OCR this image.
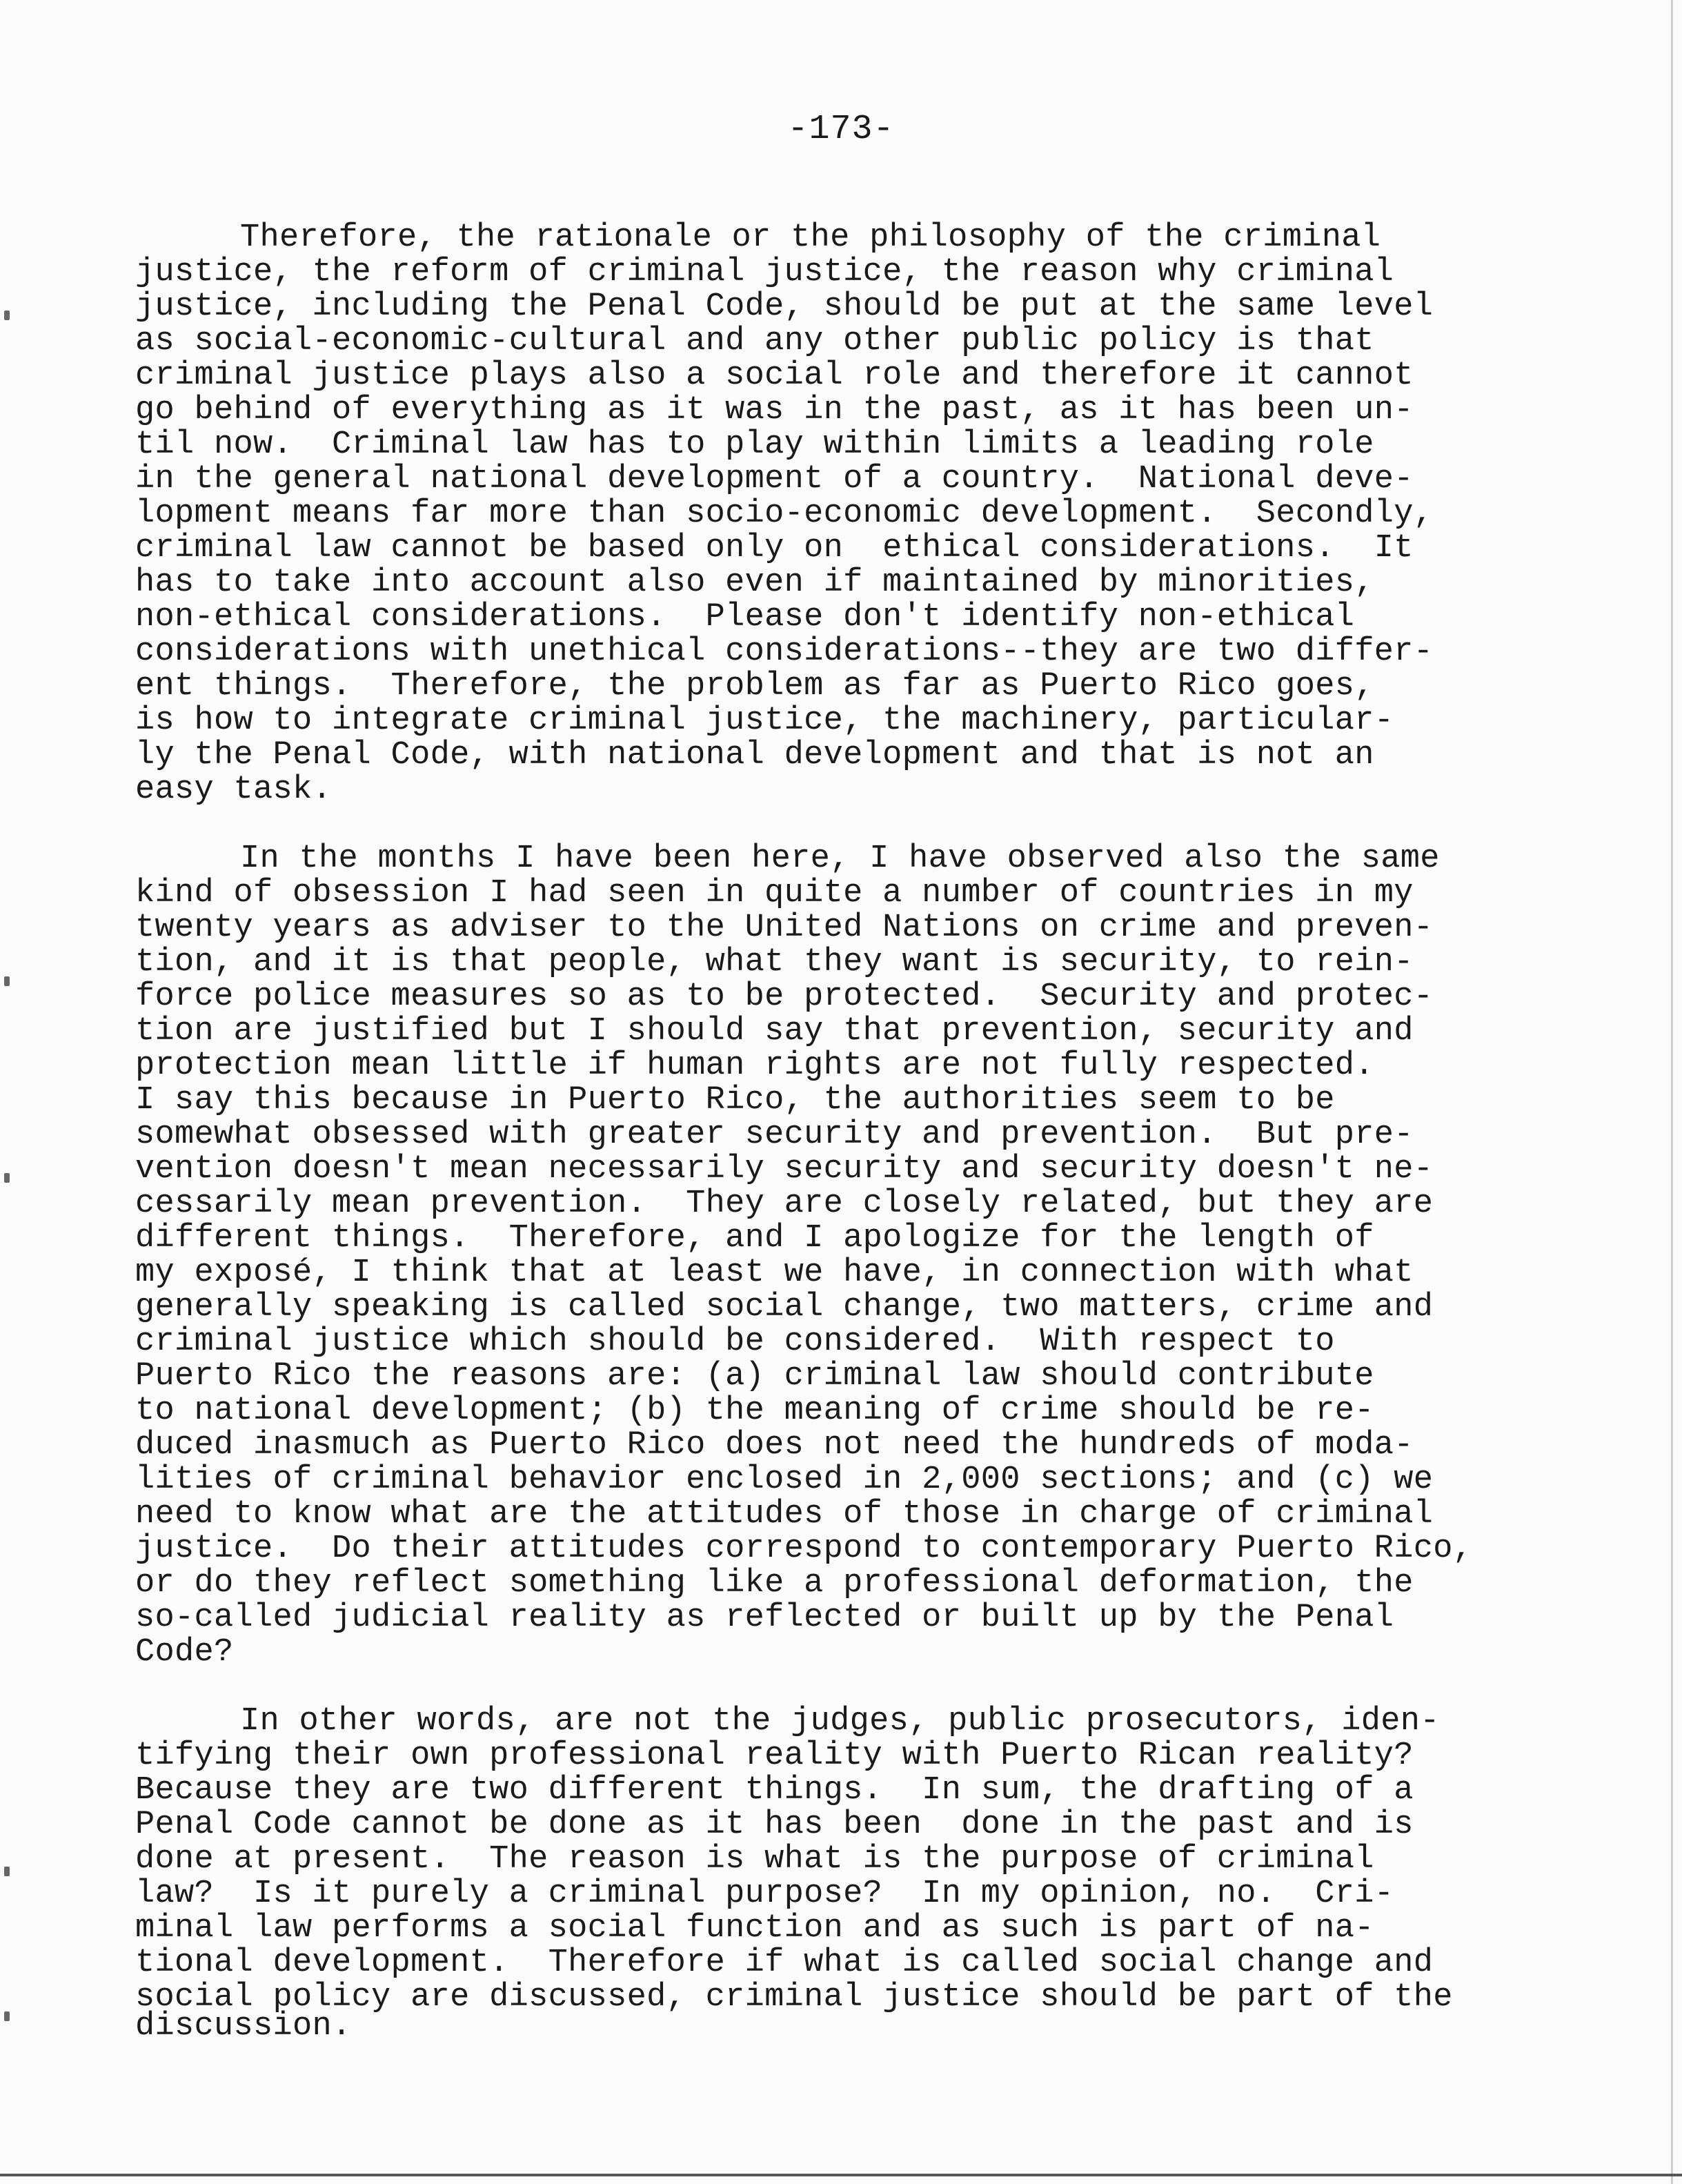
-173-
Therefore, the rationale or the philosophy of the criminal
justice, the reform of criminal justice, the reason why criminal
justice, including the Penal Code, should be put at the same level
as social-economic-cultural and any other public policy is that
criminal justice plays also a social role and therefore it cannot
go behind of everything as it was in the past, as it has been un-
til now.  Criminal law has to play within limits a leading role
in the general national development of a country.  National deve-
lopment means far more than socio-economic development.  Secondly,
criminal law cannot be based only on  ethical considerations.  It
has to take into account also even if maintained by minorities,
non-ethical considerations.  Please don't identify non-ethical
considerations with unethical considerations--they are two differ-
ent things.  Therefore, the problem as far as Puerto Rico goes,
is how to integrate criminal justice, the machinery, particular-
ly the Penal Code, with national development and that is not an
easy task.
In the months I have been here, I have observed also the same
kind of obsession I had seen in quite a number of countries in my
twenty years as adviser to the United Nations on crime and preven-
tion, and it is that people, what they want is security, to rein-
force police measures so as to be protected.  Security and protec-
tion are justified but I should say that prevention, security and
protection mean little if human rights are not fully respected.
I say this because in Puerto Rico, the authorities seem to be
somewhat obsessed with greater security and prevention.  But pre-
vention doesn't mean necessarily security and security doesn't ne-
cessarily mean prevention.  They are closely related, but they are
different things.  Therefore, and I apologize for the length of
my exposé, I think that at least we have, in connection with what
generally speaking is called social change, two matters, crime and
criminal justice which should be considered.  With respect to
Puerto Rico the reasons are: (a) criminal law should contribute
to national development; (b) the meaning of crime should be re-
duced inasmuch as Puerto Rico does not need the hundreds of moda-
lities of criminal behavior enclosed in 2,000 sections; and (c) we
need to know what are the attitudes of those in charge of criminal
justice.  Do their attitudes correspond to contemporary Puerto Rico,
or do they reflect something like a professional deformation, the
so-called judicial reality as reflected or built up by the Penal
Code?
In other words, are not the judges, public prosecutors, iden-
tifying their own professional reality with Puerto Rican reality?
Because they are two different things.  In sum, the drafting of a
Penal Code cannot be done as it has been  done in the past and is
done at present.  The reason is what is the purpose of criminal
law?  Is it purely a criminal purpose?  In my opinion, no.  Cri-
minal law performs a social function and as such is part of na-
tional development.  Therefore if what is called social change and
social policy are discussed, criminal justice should be part of the
discussion.
